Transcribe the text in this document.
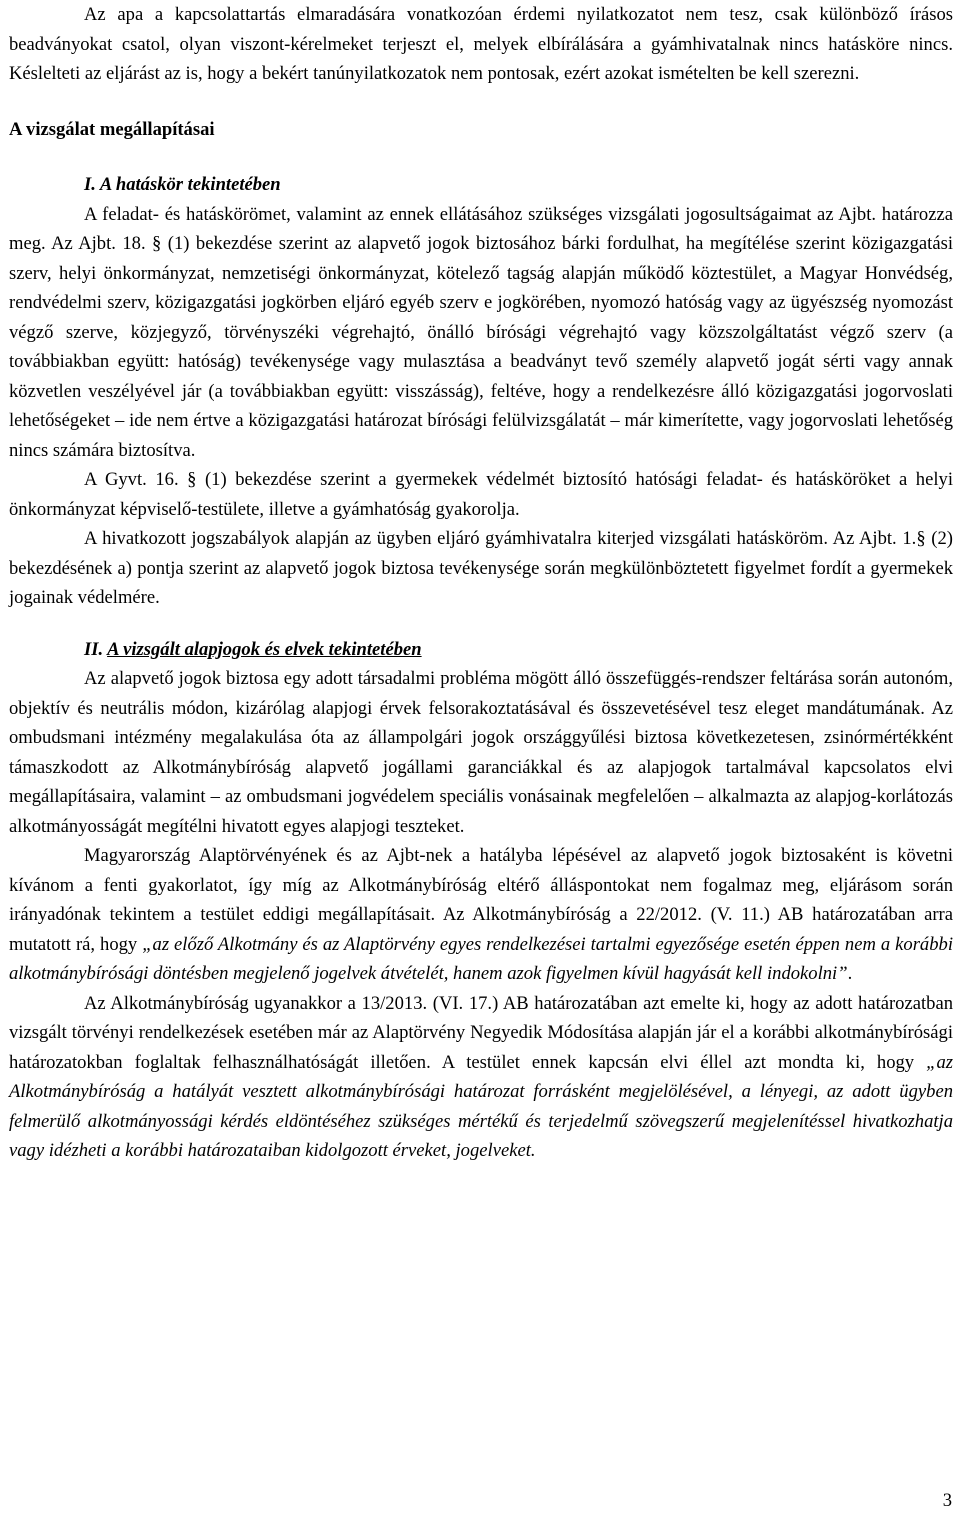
Az apa a kapcsolattartás elmaradására vonatkozóan érdemi nyilatkozatot nem tesz, csak különböző írásos beadványokat csatol, olyan viszont-kérelmeket terjeszt el, melyek elbírálására a gyámhivatalnak nincs hatásköre nincs. Késlelteti az eljárást az is, hogy a bekért tanúnyilatkozatok nem pontosak, ezért azokat ismételten be kell szerezni.

A vizsgálat megállapításai

I. A hatáskör tekintetében

A feladat- és hatáskörömet, valamint az ennek ellátásához szükséges vizsgálati jogosultságaimat az Ajbt. határozza meg. Az Ajbt. 18. § (1) bekezdése szerint az alapvető jogok biztosához bárki fordulhat, ha megítélése szerint közigazgatási szerv, helyi önkormányzat, nemzetiségi önkormányzat, kötelező tagság alapján működő köztestület, a Magyar Honvédség, rendvédelmi szerv, közigazgatási jogkörben eljáró egyéb szerv e jogkörében, nyomozó hatóság vagy az ügyészség nyomozást végző szerve, közjegyző, törvényszéki végrehajtó, önálló bírósági végrehajtó vagy közszolgáltatást végző szerv (a továbbiakban együtt: hatóság) tevékenysége vagy mulasztása a beadványt tevő személy alapvető jogát sérti vagy annak közvetlen veszélyével jár (a továbbiakban együtt: visszásság), feltéve, hogy a rendelkezésre álló közigazgatási jogorvoslati lehetőségeket – ide nem értve a közigazgatási határozat bírósági felülvizsgálatát – már kimerítette, vagy jogorvoslati lehetőség nincs számára biztosítva.

A Gyvt. 16. § (1) bekezdése szerint a gyermekek védelmét biztosító hatósági feladat- és hatásköröket a helyi önkormányzat képviselő-testülete, illetve a gyámhatóság gyakorolja.

A hivatkozott jogszabályok alapján az ügyben eljáró gyámhivatalra kiterjed vizsgálati hatásköröm. Az Ajbt. 1.§ (2) bekezdésének a) pontja szerint az alapvető jogok biztosa tevékenysége során megkülönböztetett figyelmet fordít a gyermekek jogainak védelmére.

II. A vizsgált alapjogok és elvek tekintetében

Az alapvető jogok biztosa egy adott társadalmi probléma mögött álló összefüggés-rendszer feltárása során autonóm, objektív és neutrális módon, kizárólag alapjogi érvek felsorakoztatásával és összevetésével tesz eleget mandátumának. Az ombudsmani intézmény megalakulása óta az állampolgári jogok országgyűlési biztosa következetesen, zsinórmértékként támaszkodott az Alkotmánybíróság alapvető jogállami garanciákkal és az alapjogok tartalmával kapcsolatos elvi megállapításaira, valamint – az ombudsmani jogvédelem speciális vonásainak megfelelően – alkalmazta az alapjog-korlátozás alkotmányosságát megítélni hivatott egyes alapjogi teszteket.

Magyarország Alaptörvényének és az Ajbt-nek a hatályba lépésével az alapvető jogok biztosaként is követni kívánom a fenti gyakorlatot, így míg az Alkotmánybíróság eltérő álláspontokat nem fogalmaz meg, eljárásom során irányadónak tekintem a testület eddigi megállapításait. Az Alkotmánybíróság a 22/2012. (V. 11.) AB határozatában arra mutatott rá, hogy „az előző Alkotmány és az Alaptörvény egyes rendelkezései tartalmi egyezősége esetén éppen nem a korábbi alkotmánybírósági döntésben megjelenő jogelvek átvételét, hanem azok figyelmen kívül hagyását kell indokolni”.

Az Alkotmánybíróság ugyanakkor a 13/2013. (VI. 17.) AB határozatában azt emelte ki, hogy az adott határozatban vizsgált törvényi rendelkezések esetében már az Alaptörvény Negyedik Módosítása alapján jár el a korábbi alkotmánybírósági határozatokban foglaltak felhasználhatóságát illetően. A testület ennek kapcsán elvi éllel azt mondta ki, hogy „az Alkotmánybíróság a hatályát vesztett alkotmánybírósági határozat forrásként megjelölésével, a lényegi, az adott ügyben felmerülő alkotmányossági kérdés eldöntéséhez szükséges mértékű és terjedelmű szövegszerű megjelenítéssel hivatkozhatja vagy idézheti a korábbi határozataiban kidolgozott érveket, jogelveket.

3
